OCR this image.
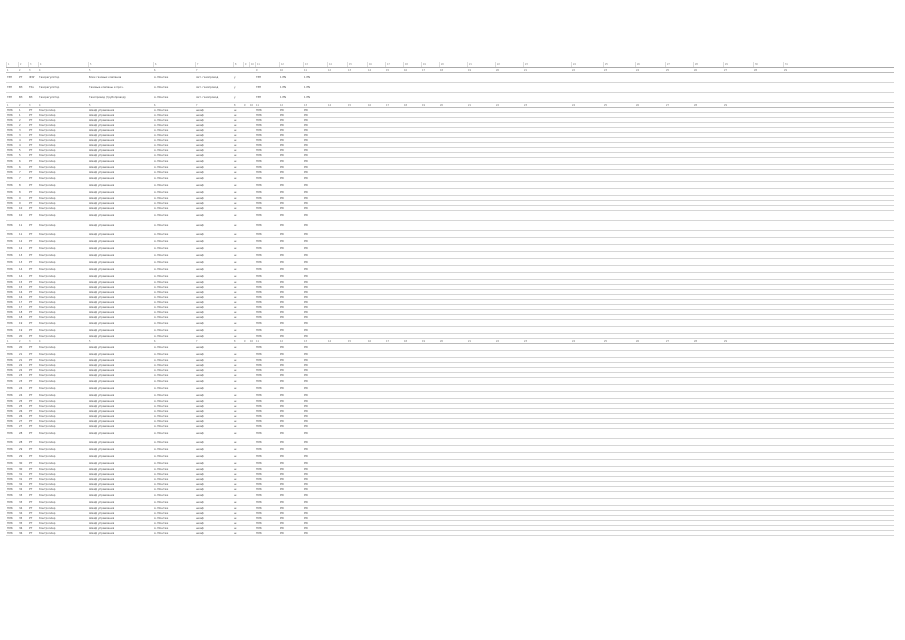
1	2	3	4	5	6	7	8	9	10	11	12	13	14	15	16	17	18	19	20	21	22	23	24	25	26	27	28	29	30	31
1	2	3	4	5	6	7	9	10	11	12	13	14	15	16	17	18	19	20	21	22	23	24	25	26	27	28	29
ГРП	РТ	ФЗУ	Газорегулятор	Блок газовых клапанов	А. Монтаж	лит. газопровод	у	ГРП	1 PN	1 PN
ГРП	ВЗ	ТКз	Газорегулятор	Газовые клапаны и проч.	А. Монтаж	лит. газопровод	у	ГРП	1 PN	1 PN
ГРП	ВЗ	ВЗ	Газорегулятор	Газопровод (трубопровод)	А. Монтаж	лит. газопровод	у	ГРП	1 PN	1 PN
1	2	3	4	5	6	7	8	9	10	11	12	13	14	15	16	17	18	19	20	21	22	23	24	25	26	27	28	29
ПЛК	1	РТ	Контроллер	Шкаф управления	А. Монтаж	шкаф	ш	ПЛК	PN	PN
ПЛК	1	РТ	Контроллер	Шкаф управления	А. Монтаж	шкаф	ш	ПЛК	PN	PN
ПЛК	2	РТ	Контроллер	Шкаф управления	А. Монтаж	шкаф	ш	ПЛК	PN	PN
ПЛК	2	РТ	Контроллер	Шкаф управления	А. Монтаж	шкаф	ш	ПЛК	PN	PN
ПЛК	3	РТ	Контроллер	Шкаф управления	А. Монтаж	шкаф	ш	ПЛК	PN	PN
ПЛК	3	РТ	Контроллер	Шкаф управления	А. Монтаж	шкаф	ш	ПЛК	PN	PN
ПЛК	4	РТ	Контроллер	Шкаф управления	А. Монтаж	шкаф	ш	ПЛК	PN	PN
ПЛК	4	РТ	Контроллер	Шкаф управления	А. Монтаж	шкаф	ш	ПЛК	PN	PN
ПЛК	5	РТ	Контроллер	Шкаф управления	А. Монтаж	шкаф	ш	ПЛК	PN	PN
ПЛК	5	РТ	Контроллер	Шкаф управления	А. Монтаж	шкаф	ш	ПЛК	PN	PN
ПЛК	6	РТ	Контроллер	Шкаф управления	А. Монтаж	шкаф	ш	ПЛК	PN	PN
ПЛК	6	РТ	Контроллер	Шкаф управления	А. Монтаж	шкаф	ш	ПЛК	PN	PN
ПЛК	7	РТ	Контроллер	Шкаф управления	А. Монтаж	шкаф	ш	ПЛК	PN	PN
ПЛК	7	РТ	Контроллер	Шкаф управления	А. Монтаж	шкаф	ш	ПЛК	PN	PN
ПЛК	8	РТ	Контроллер	Шкаф управления	А. Монтаж	шкаф	ш	ПЛК	PN	PN
ПЛК	8	РТ	Контроллер	Шкаф управления	А. Монтаж	шкаф	ш	ПЛК	PN	PN
ПЛК	9	РТ	Контроллер	Шкаф управления	А. Монтаж	шкаф	ш	ПЛК	PN	PN
ПЛК	9	РТ	Контроллер	Шкаф управления	А. Монтаж	шкаф	ш	ПЛК	PN	PN
ПЛК	10	РТ	Контроллер	Шкаф управления	А. Монтаж	шкаф	ш	ПЛК	PN	PN
ПЛК	10	РТ	Контроллер	Шкаф управления	А. Монтаж	шкаф	ш	ПЛК	PN	PN
ПЛК	11	РТ	Контроллер	Шкаф управления	А. Монтаж	шкаф	ш	ПЛК	PN	PN
ПЛК	11	РТ	Контроллер	Шкаф управления	А. Монтаж	шкаф	ш	ПЛК	PN	PN
ПЛК	12	РТ	Контроллер	Шкаф управления	А. Монтаж	шкаф	ш	ПЛК	PN	PN
ПЛК	12	РТ	Контроллер	Шкаф управления	А. Монтаж	шкаф	ш	ПЛК	PN	PN
ПЛК	13	РТ	Контроллер	Шкаф управления	А. Монтаж	шкаф	ш	ПЛК	PN	PN
ПЛК	13	РТ	Контроллер	Шкаф управления	А. Монтаж	шкаф	ш	ПЛК	PN	PN
ПЛК	14	РТ	Контроллер	Шкаф управления	А. Монтаж	шкаф	ш	ПЛК	PN	PN
ПЛК	14	РТ	Контроллер	Шкаф управления	А. Монтаж	шкаф	ш	ПЛК	PN	PN
ПЛК	15	РТ	Контроллер	Шкаф управления	А. Монтаж	шкаф	ш	ПЛК	PN	PN
ПЛК	15	РТ	Контроллер	Шкаф управления	А. Монтаж	шкаф	ш	ПЛК	PN	PN
ПЛК	16	РТ	Контроллер	Шкаф управления	А. Монтаж	шкаф	ш	ПЛК	PN	PN
ПЛК	16	РТ	Контроллер	Шкаф управления	А. Монтаж	шкаф	ш	ПЛК	PN	PN
ПЛК	17	РТ	Контроллер	Шкаф управления	А. Монтаж	шкаф	ш	ПЛК	PN	PN
ПЛК	17	РТ	Контроллер	Шкаф управления	А. Монтаж	шкаф	ш	ПЛК	PN	PN
ПЛК	18	РТ	Контроллер	Шкаф управления	А. Монтаж	шкаф	ш	ПЛК	PN	PN
ПЛК	18	РТ	Контроллер	Шкаф управления	А. Монтаж	шкаф	ш	ПЛК	PN	PN
ПЛК	19	РТ	Контроллер	Шкаф управления	А. Монтаж	шкаф	ш	ПЛК	PN	PN
ПЛК	19	РТ	Контроллер	Шкаф управления	А. Монтаж	шкаф	ш	ПЛК	PN	PN
ПЛК	20	РТ	Контроллер	Шкаф управления	А. Монтаж	шкаф	ш	ПЛК	PN	PN
1	2	3	4	5	6	7	8	9	10	11	12	13	14	15	16	17	18	19	20	21	22	23	24	25	26	27	28	29
ПЛК	20	РТ	Контроллер	Шкаф управления	А. Монтаж	шкаф	ш	ПЛК	PN	PN
ПЛК	21	РТ	Контроллер	Шкаф управления	А. Монтаж	шкаф	ш	ПЛК	PN	PN
ПЛК	21	РТ	Контроллер	Шкаф управления	А. Монтаж	шкаф	ш	ПЛК	PN	PN
ПЛК	22	РТ	Контроллер	Шкаф управления	А. Монтаж	шкаф	ш	ПЛК	PN	PN
ПЛК	22	РТ	Контроллер	Шкаф управления	А. Монтаж	шкаф	ш	ПЛК	PN	PN
ПЛК	23	РТ	Контроллер	Шкаф управления	А. Монтаж	шкаф	ш	ПЛК	PN	PN
ПЛК	23	РТ	Контроллер	Шкаф управления	А. Монтаж	шкаф	ш	ПЛК	PN	PN
ПЛК	24	РТ	Контроллер	Шкаф управления	А. Монтаж	шкаф	ш	ПЛК	PN	PN
ПЛК	24	РТ	Контроллер	Шкаф управления	А. Монтаж	шкаф	ш	ПЛК	PN	PN
ПЛК	25	РТ	Контроллер	Шкаф управления	А. Монтаж	шкаф	ш	ПЛК	PN	PN
ПЛК	25	РТ	Контроллер	Шкаф управления	А. Монтаж	шкаф	ш	ПЛК	PN	PN
ПЛК	26	РТ	Контроллер	Шкаф управления	А. Монтаж	шкаф	ш	ПЛК	PN	PN
ПЛК	26	РТ	Контроллер	Шкаф управления	А. Монтаж	шкаф	ш	ПЛК	PN	PN
ПЛК	27	РТ	Контроллер	Шкаф управления	А. Монтаж	шкаф	ш	ПЛК	PN	PN
ПЛК	27	РТ	Контроллер	Шкаф управления	А. Монтаж	шкаф	ш	ПЛК	PN	PN
ПЛК	28	РТ	Контроллер	Шкаф управления	А. Монтаж	шкаф	ш	ПЛК	PN	PN
ПЛК	28	РТ	Контроллер	Шкаф управления	А. Монтаж	шкаф	ш	ПЛК	PN	PN
ПЛК	29	РТ	Контроллер	Шкаф управления	А. Монтаж	шкаф	ш	ПЛК	PN	PN
ПЛК	29	РТ	Контроллер	Шкаф управления	А. Монтаж	шкаф	ш	ПЛК	PN	PN
ПЛК	30	РТ	Контроллер	Шкаф управления	А. Монтаж	шкаф	ш	ПЛК	PN	PN
ПЛК	30	РТ	Контроллер	Шкаф управления	А. Монтаж	шкаф	ш	ПЛК	PN	PN
ПЛК	31	РТ	Контроллер	Шкаф управления	А. Монтаж	шкаф	ш	ПЛК	PN	PN
ПЛК	31	РТ	Контроллер	Шкаф управления	А. Монтаж	шкаф	ш	ПЛК	PN	PN
ПЛК	32	РТ	Контроллер	Шкаф управления	А. Монтаж	шкаф	ш	ПЛК	PN	PN
ПЛК	32	РТ	Контроллер	Шкаф управления	А. Монтаж	шкаф	ш	ПЛК	PN	PN
ПЛК	33	РТ	Контроллер	Шкаф управления	А. Монтаж	шкаф	ш	ПЛК	PN	PN
ПЛК	33	РТ	Контроллер	Шкаф управления	А. Монтаж	шкаф	ш	ПЛК	PN	PN
ПЛК	34	РТ	Контроллер	Шкаф управления	А. Монтаж	шкаф	ш	ПЛК	PN	PN
ПЛК	34	РТ	Контроллер	Шкаф управления	А. Монтаж	шкаф	ш	ПЛК	PN	PN
ПЛК	35	РТ	Контроллер	Шкаф управления	А. Монтаж	шкаф	ш	ПЛК	PN	PN
ПЛК	35	РТ	Контроллер	Шкаф управления	А. Монтаж	шкаф	ш	ПЛК	PN	PN
ПЛК	36	РТ	Контроллер	Шкаф управления	А. Монтаж	шкаф	ш	ПЛК	PN	PN
ПЛК	36	РТ	Контроллер	Шкаф управления	А. Монтаж	шкаф	ш	ПЛК	PN	PN
